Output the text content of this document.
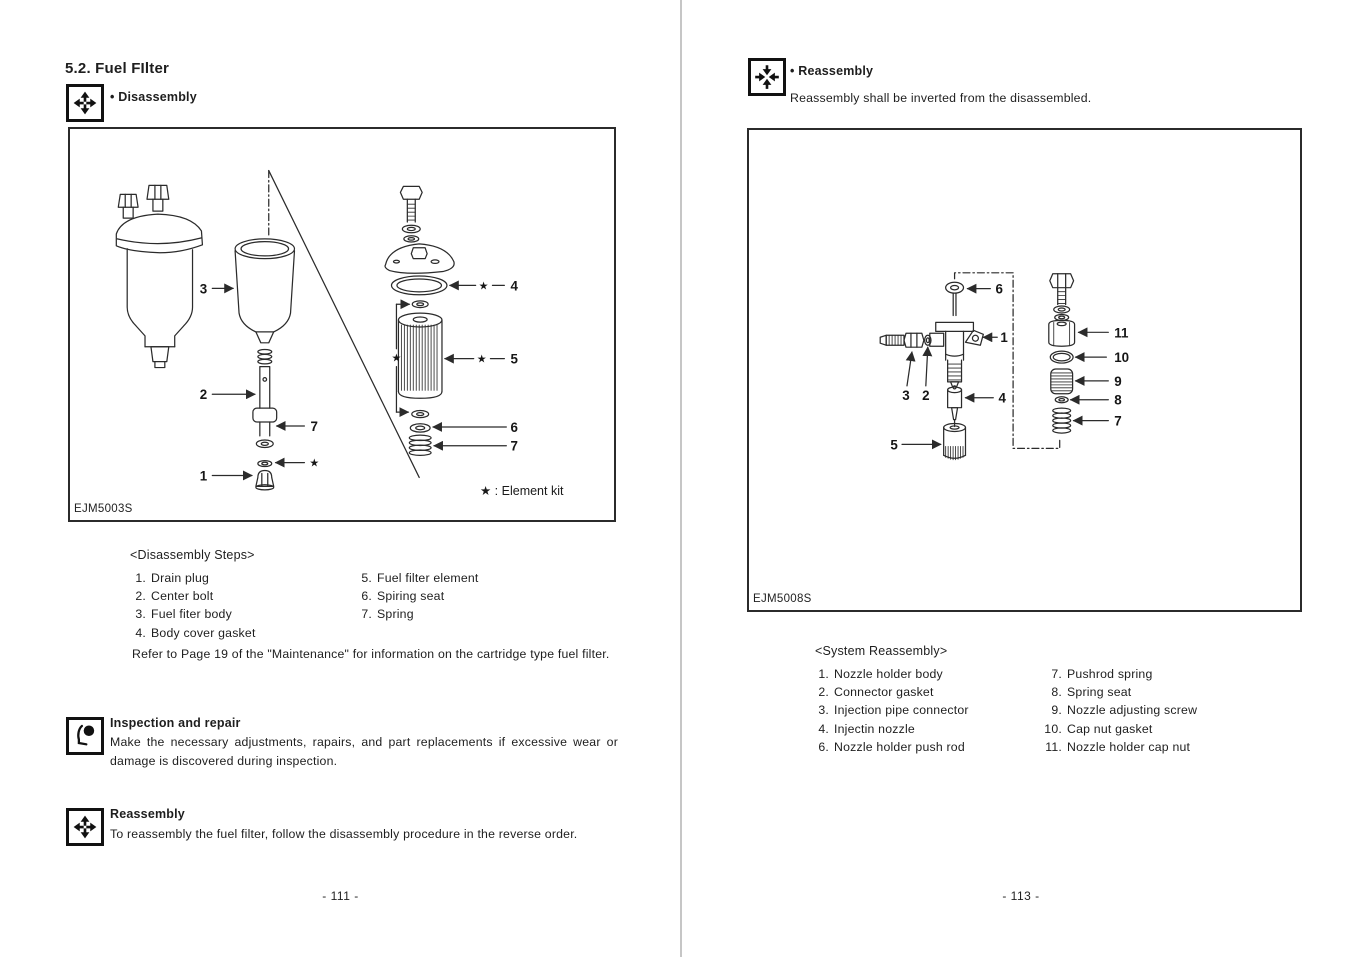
5.2. Fuel FIlter
• Disassembly
3
2
7
★
1
★ 4
★ 5
★
6
7
★ : Element kit
EJM5003S
<Disassembly Steps>
1. Drain plug
2. Center bolt
3. Fuel fiter body
4. Body cover gasket
5. Fuel filter element
6. Spiring seat
7. Spring
Refer to Page 19 of the "Maintenance" for information on the cartridge type fuel filter.
Inspection and repair
Make the necessary adjustments, rapairs, and part replacements if excessive wear or damage is discovered during inspection.
Reassembly
To reassembly the fuel filter, follow the disassembly procedure in the reverse order.
- 111 -
• Reassembly
Reassembly shall be inverted from the disassembled.
6
1
3 2	4
5
11
10
9
8
7
EJM5008S
<System Reassembly>
1. Nozzle holder body
2. Connector gasket
3. Injection pipe connector
4. Injectin nozzle
6. Nozzle holder push rod
7. Pushrod spring
8. Spring seat
9. Nozzle adjusting screw
10. Cap nut gasket
11. Nozzle holder cap nut
- 113 -
